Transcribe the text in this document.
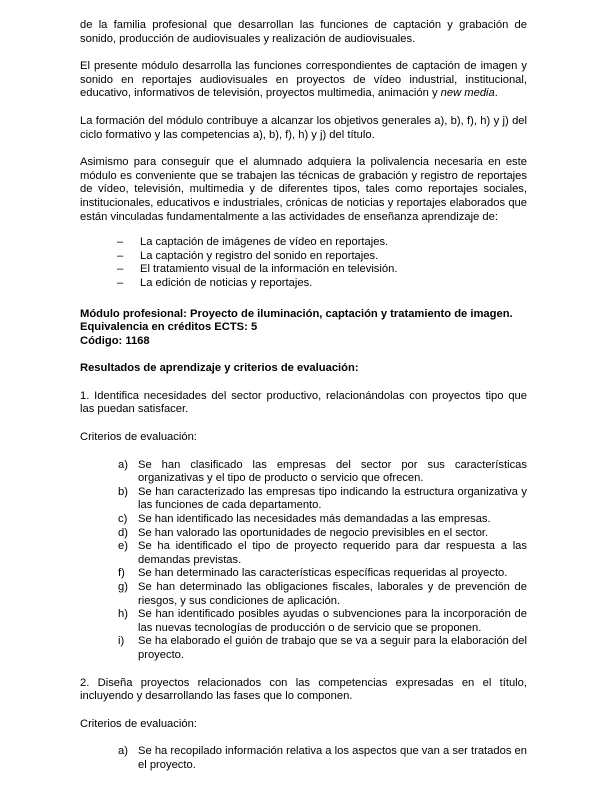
de la familia profesional que desarrollan las funciones de captación y grabación de sonido, producción de audiovisuales y realización de audiovisuales.

El presente módulo desarrolla las funciones correspondientes de captación de imagen y sonido en reportajes audiovisuales en proyectos de vídeo industrial, institucional, educativo, informativos de televisión, proyectos multimedia, animación y new media.

La formación del módulo contribuye a alcanzar los objetivos generales a), b), f), h) y j) del ciclo formativo y las competencias a), b), f), h) y j) del título.

Asimismo para conseguir que el alumnado adquiera la polivalencia necesaria en este módulo es conveniente que se trabajen las técnicas de grabación y registro de reportajes de vídeo, televisión, multimedia y de diferentes tipos, tales como reportajes sociales, institucionales, educativos e industriales, crónicas de noticias y reportajes elaborados que están vinculadas fundamentalmente a las actividades de enseñanza aprendizaje de:

– La captación de imágenes de vídeo en reportajes.
– La captación y registro del sonido en reportajes.
– El tratamiento visual de la información en televisión.
– La edición de noticias y reportajes.
Módulo profesional: Proyecto de iluminación, captación y tratamiento de imagen.
Equivalencia en créditos ECTS: 5
Código: 1168

Resultados de aprendizaje y criterios de evaluación:

1. Identifica necesidades del sector productivo, relacionándolas con proyectos tipo que las puedan satisfacer.

Criterios de evaluación:

a) Se han clasificado las empresas del sector por sus características organizativas y el tipo de producto o servicio que ofrecen.
b) Se han caracterizado las empresas tipo indicando la estructura organizativa y las funciones de cada departamento.
c) Se han identificado las necesidades más demandadas a las empresas.
d) Se han valorado las oportunidades de negocio previsibles en el sector.
e) Se ha identificado el tipo de proyecto requerido para dar respuesta a las demandas previstas.
f) Se han determinado las características específicas requeridas al proyecto.
g) Se han determinado las obligaciones fiscales, laborales y de prevención de riesgos, y sus condiciones de aplicación.
h) Se han identificado posibles ayudas o subvenciones para la incorporación de las nuevas tecnologías de producción o de servicio que se proponen.
i) Se ha elaborado el guión de trabajo que se va a seguir para la elaboración del proyecto.

2. Diseña proyectos relacionados con las competencias expresadas en el título, incluyendo y desarrollando las fases que lo componen.

Criterios de evaluación:

a) Se ha recopilado información relativa a los aspectos que van a ser tratados en el proyecto.
